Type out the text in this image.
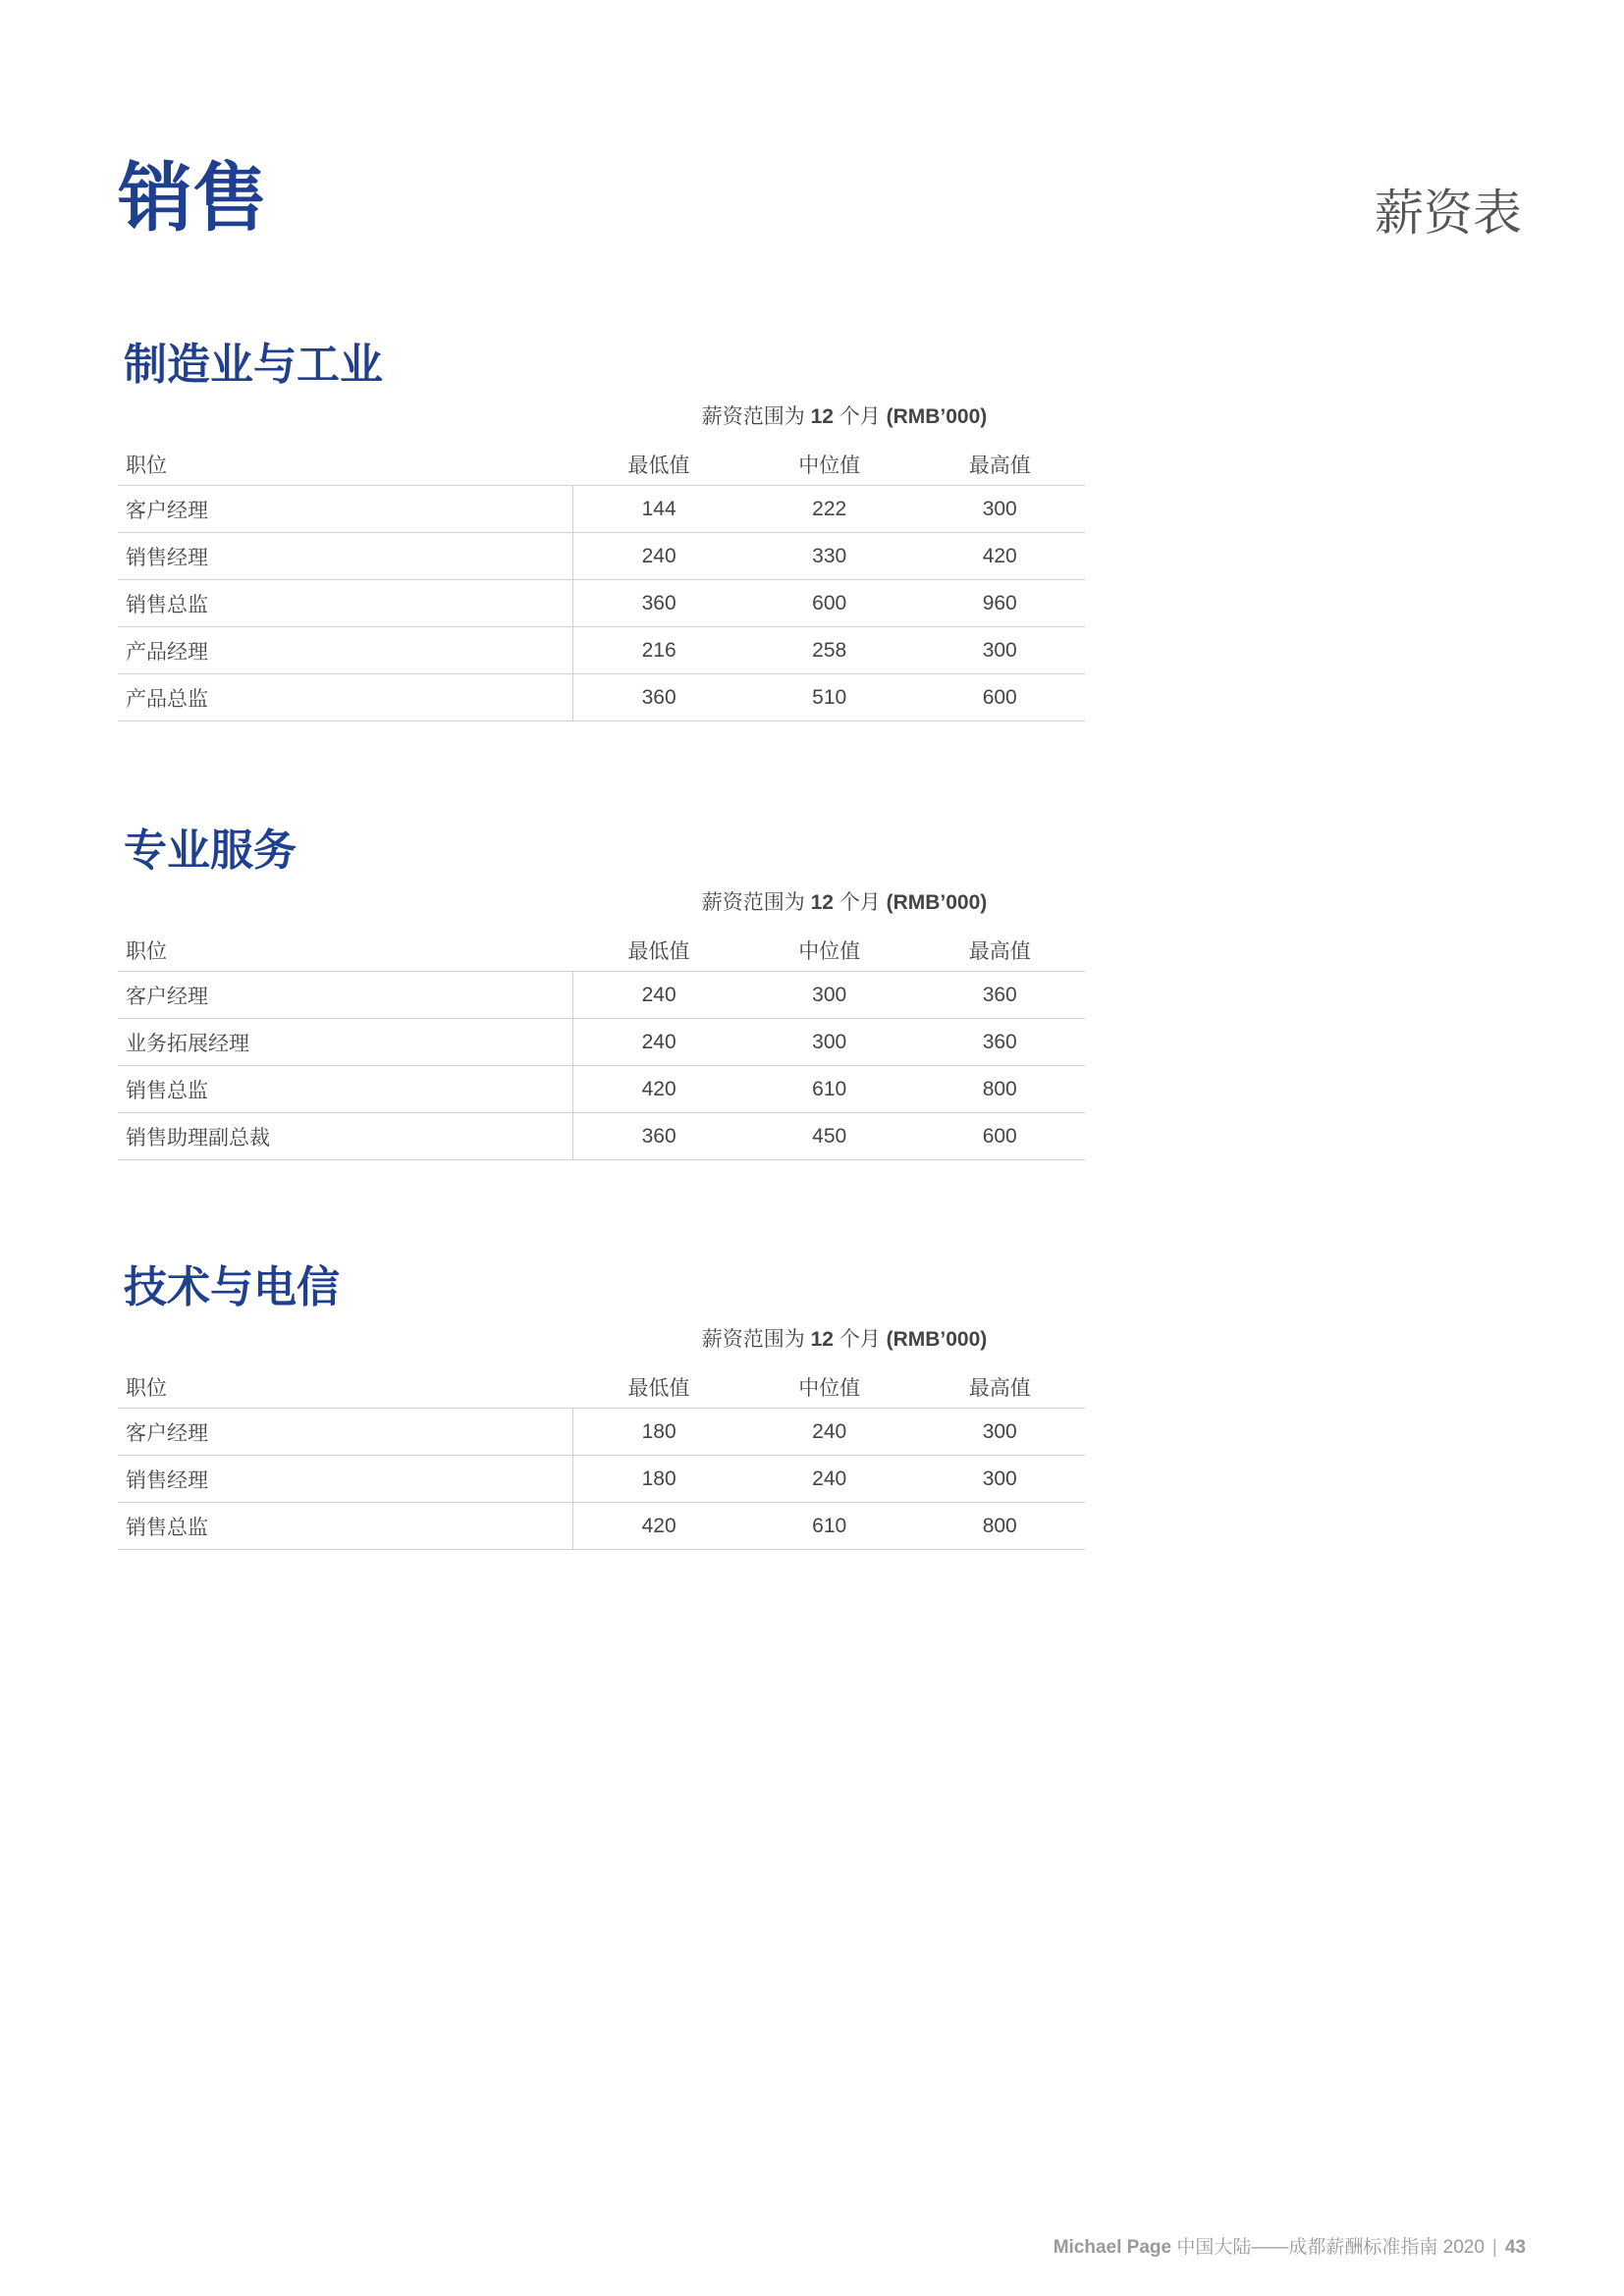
销售	薪资表
制造业与工业
薪资范围为 12 个月 (RMB’000)
职位	最低值	中位值	最高值
客户经理	144	222	300
销售经理	240	330	420
销售总监	360	600	960
产品经理	216	258	300
产品总监	360	510	600
专业服务
薪资范围为 12 个月 (RMB’000)
职位	最低值	中位值	最高值
客户经理	240	300	360
业务拓展经理	240	300	360
销售总监	420	610	800
销售助理副总裁	360	450	600
技术与电信
薪资范围为 12 个月 (RMB’000)
职位	最低值	中位值	最高值
客户经理	180	240	300
销售经理	180	240	300
销售总监	420	610	800
Michael Page 中国大陆——成都薪酬标准指南 2020 | 43
